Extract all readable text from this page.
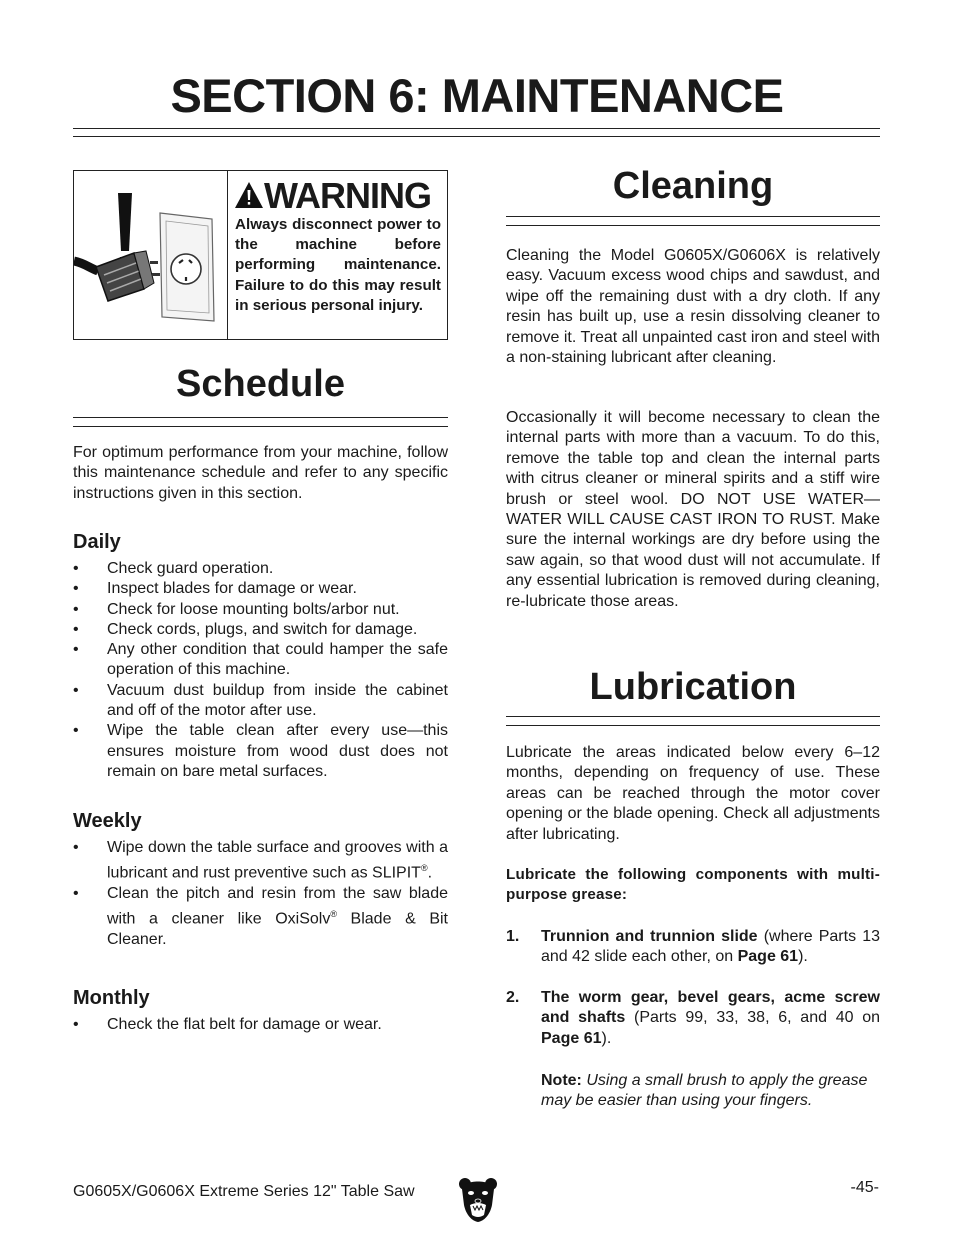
SECTION 6: MAINTENANCE
WARNING
Always disconnect power to the machine before performing maintenance. Failure to do this may result in serious personal injury.
Schedule
For optimum performance from your machine, follow this maintenance schedule and refer to any specific instructions given in this section.
Daily
• Check guard operation.
• Inspect blades for damage or wear.
• Check for loose mounting bolts/arbor nut.
• Check cords, plugs, and switch for damage.
• Any other condition that could hamper the safe operation of this machine.
• Vacuum dust buildup from inside the cabinet and off of the motor after use.
• Wipe the table clean after every use—this ensures moisture from wood dust does not remain on bare metal surfaces.
Weekly
• Wipe down the table surface and grooves with a lubricant and rust preventive such as SLIPIT®.
• Clean the pitch and resin from the saw blade with a cleaner like OxiSolv® Blade & Bit Cleaner.
Monthly
• Check the flat belt for damage or wear.
Cleaning
Cleaning the Model G0605X/G0606X is relatively easy. Vacuum excess wood chips and sawdust, and wipe off the remaining dust with a dry cloth. If any resin has built up, use a resin dissolving cleaner to remove it. Treat all unpainted cast iron and steel with a non-staining lubricant after cleaning.
Occasionally it will become necessary to clean the internal parts with more than a vacuum. To do this, remove the table top and clean the internal parts with citrus cleaner or mineral spirits and a stiff wire brush or steel wool. DO NOT USE WATER—WATER WILL CAUSE CAST IRON TO RUST. Make sure the internal workings are dry before using the saw again, so that wood dust will not accumulate. If any essential lubrication is removed during cleaning, re-lubricate those areas.
Lubrication
Lubricate the areas indicated below every 6–12 months, depending on frequency of use. These areas can be reached through the motor cover opening or the blade opening. Check all adjustments after lubricating.
Lubricate the following components with multi-purpose grease:
1. Trunnion and trunnion slide (where Parts 13 and 42 slide each other, on Page 61).
2. The worm gear, bevel gears, acme screw and shafts (Parts 99, 33, 38, 6, and 40 on Page 61).
Note: Using a small brush to apply the grease may be easier than using your fingers.
G0605X/G0606X Extreme Series 12" Table Saw	-45-
